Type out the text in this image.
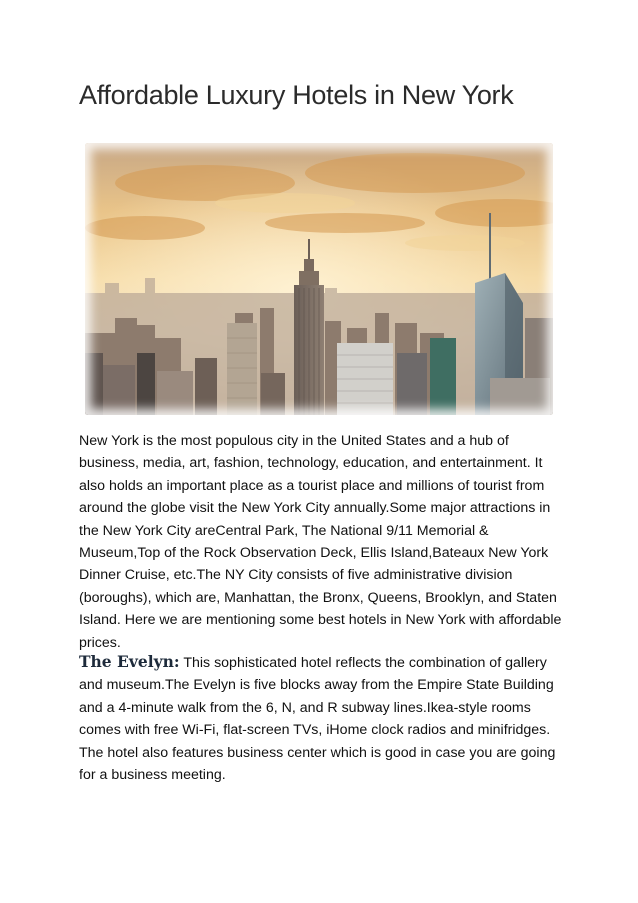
Affordable Luxury Hotels in New York

New York is the most populous city in the United States and a hub of business, media, art, fashion, technology, education, and entertainment. It also holds an important place as a tourist place and millions of tourist from around the globe visit the New York City annually.Some major attractions in the New York City areCentral Park, The National 9/11 Memorial & Museum,Top of the Rock Observation Deck, Ellis Island,Bateaux New York Dinner Cruise, etc.The NY City consists of five administrative division (boroughs), which are, Manhattan, the Bronx, Queens, Brooklyn, and Staten Island. Here we are mentioning some best hotels in New York with affordable prices.

The Evelyn: This sophisticated hotel reflects the combination of gallery and museum.The Evelyn is five blocks away from the Empire State Building and a 4-minute walk from the 6, N, and R subway lines.Ikea-style rooms comes with free Wi-Fi, flat-screen TVs, iHome clock radios and minifridges. The hotel also features business center which is good in case you are going for a business meeting.
